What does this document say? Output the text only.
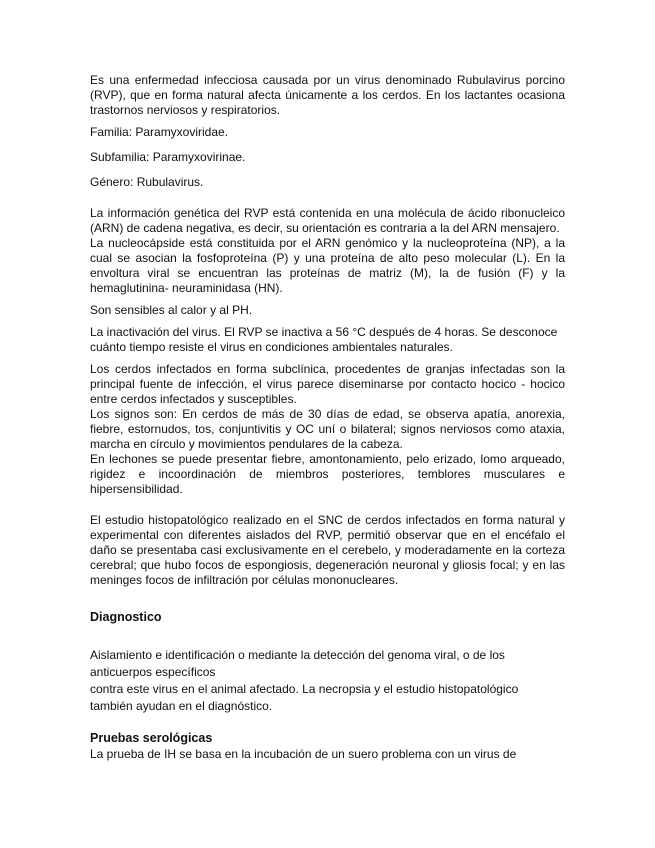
Es una enfermedad infecciosa causada por un virus denominado Rubulavirus porcino (RVP), que en forma natural afecta únicamente a los cerdos. En los lactantes ocasiona trastornos nerviosos y respiratorios.

Familia: Paramyxoviridae.

Subfamilia: Paramyxovirinae.

Género: Rubulavirus.

La información genética del RVP está contenida en una molécula de ácido ribonucleico (ARN) de cadena negativa, es decir, su orientación es contraria a la del ARN mensajero.

La nucleocápside está constituida por el ARN genómico y la nucleoproteína (NP), a la cual se asocian la fosfoproteína (P) y una proteína de alto peso molecular (L). En la envoltura viral se encuentran las proteínas de matriz (M), la de fusión (F) y la hemaglutinina- neuraminidasa (HN).

Son sensibles al calor y al PH.

La inactivación del virus. El RVP se inactiva a 56 °C después de 4 horas. Se desconoce cuánto tiempo resiste el virus en condiciones ambientales naturales.

Los cerdos infectados en forma subclínica, procedentes de granjas infectadas son la principal fuente de infección, el virus parece diseminarse por contacto hocico - hocico entre cerdos infectados y susceptibles.

Los signos son: En cerdos de más de 30 días de edad, se observa apatía, anorexia, fiebre, estornudos, tos, conjuntivitis y OC uní o bilateral; signos nerviosos como ataxia, marcha en círculo y movimientos pendulares de la cabeza.

En lechones se puede presentar fiebre, amontonamiento, pelo erizado, lomo arqueado, rigidez e incoordinación de miembros posteriores, temblores musculares e hipersensibilidad.

El estudio histopatológico realizado en el SNC de cerdos infectados en forma natural y experimental con diferentes aislados del RVP, permitió observar que en el encéfalo el daño se presentaba casi exclusivamente en el cerebelo, y moderadamente en la corteza cerebral; que hubo focos de espongiosis, degeneración neuronal y gliosis focal; y en las meninges focos de infiltración por células mononucleares.

Diagnostico

Aislamiento e identificación o mediante la detección del genoma viral, o de los

anticuerpos específicos

contra este virus en el animal afectado. La necropsia y el estudio histopatológico

también ayudan en el diagnóstico.

Pruebas serológicas

La prueba de IH se basa en la incubación de un suero problema con un virus de
